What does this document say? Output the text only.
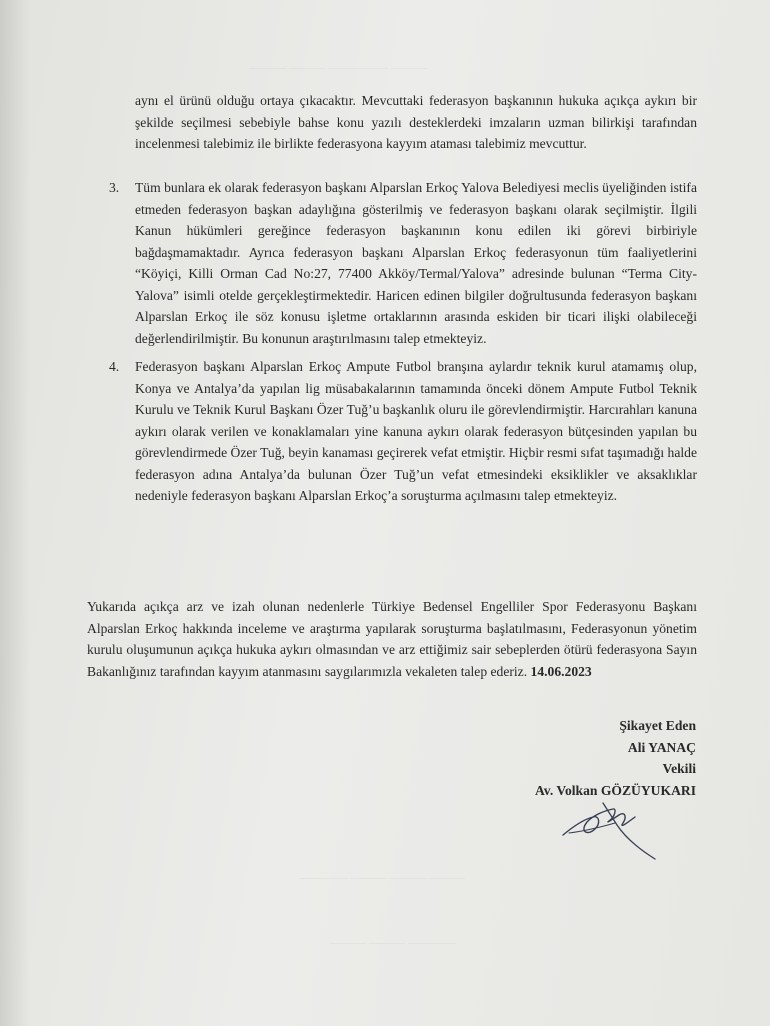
——— ——— ————— ———
———— ——— ——— ———
——— ——— ————

aynı el ürünü olduğu ortaya çıkacaktır. Mevcuttaki federasyon başkanının hukuka açıkça aykırı bir şekilde seçilmesi sebebiyle bahse konu yazılı desteklerdeki imzaların uzman bilirkişi tarafından incelenmesi talebimiz ile birlikte federasyona kayyım ataması talebimiz mevcuttur.

3. Tüm bunlara ek olarak federasyon başkanı Alparslan Erkoç Yalova Belediyesi meclis üyeliğinden istifa etmeden federasyon başkan adaylığına gösterilmiş ve federasyon başkanı olarak seçilmiştir. İlgili Kanun hükümleri gereğince federasyon başkanının konu edilen iki görevi birbiriyle bağdaşmamaktadır. Ayrıca federasyon başkanı Alparslan Erkoç federasyonun tüm faaliyetlerini “Köyiçi, Killi Orman Cad No:27, 77400 Akköy/Termal/Yalova” adresinde bulunan “Terma City- Yalova” isimli otelde gerçekleştirmektedir. Haricen edinen bilgiler doğrultusunda federasyon başkanı Alparslan Erkoç ile söz konusu işletme ortaklarının arasında eskiden bir ticari ilişki olabileceği değerlendirilmiştir. Bu konunun araştırılmasını talep etmekteyiz.
4. Federasyon başkanı Alparslan Erkoç Ampute Futbol branşına aylardır teknik kurul atamamış olup, Konya ve Antalya’da yapılan lig müsabakalarının tamamında önceki dönem Ampute Futbol Teknik Kurulu ve Teknik Kurul Başkanı Özer Tuğ’u başkanlık oluru ile görevlendirmiştir. Harcırahları kanuna aykırı olarak verilen ve konaklamaları yine kanuna aykırı olarak federasyon bütçesinden yapılan bu görevlendirmede Özer Tuğ, beyin kanaması geçirerek vefat etmiştir. Hiçbir resmi sıfat taşımadığı halde federasyon adına Antalya’da bulunan Özer Tuğ’un vefat etmesindeki eksiklikler ve aksaklıklar nedeniyle federasyon başkanı Alparslan Erkoç’a soruşturma açılmasını talep etmekteyiz.

Yukarıda açıkça arz ve izah olunan nedenlerle Türkiye Bedensel Engelliler Spor Federasyonu Başkanı Alparslan Erkoç hakkında inceleme ve araştırma yapılarak soruşturma başlatılmasını, Federasyonun yönetim kurulu oluşumunun açıkça hukuka aykırı olmasından ve arz ettiğimiz sair sebeplerden ötürü federasyona Sayın Bakanlığınız tarafından kayyım atanmasını saygılarımızla vekaleten talep ederiz. 14.06.2023

Şikayet Eden
Ali YANAÇ
Vekili
Av. Volkan GÖZÜYUKARI
